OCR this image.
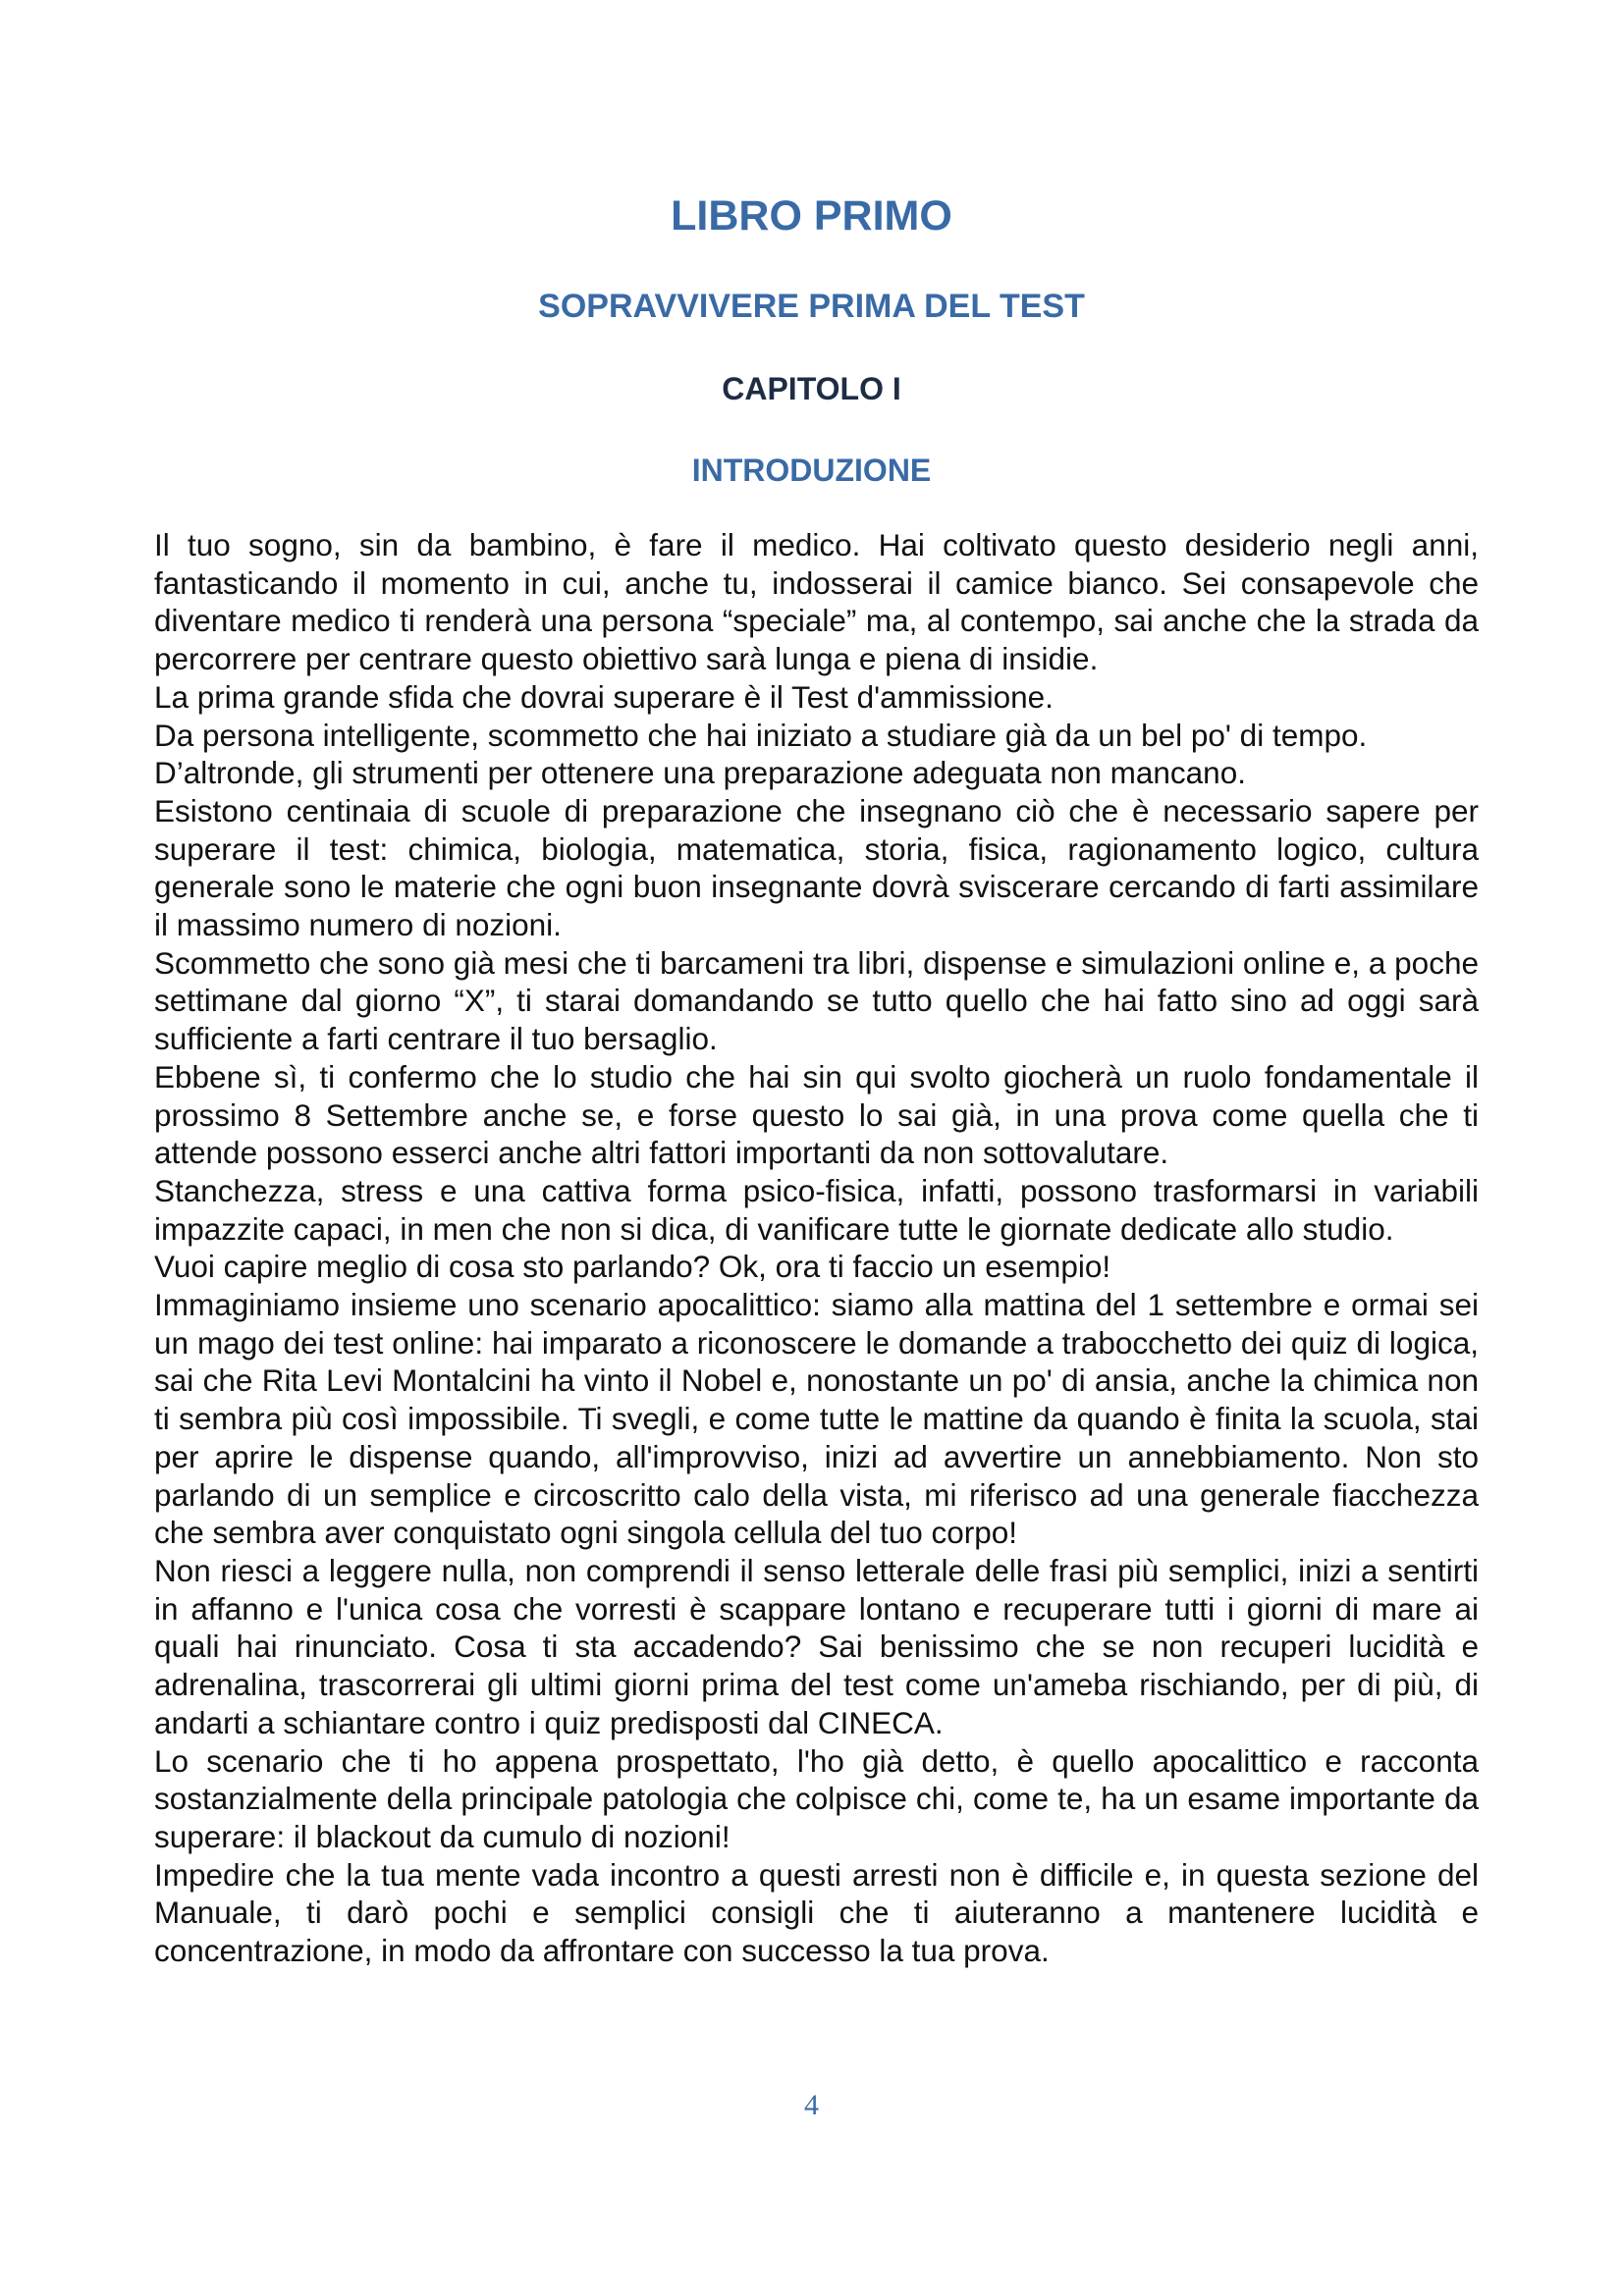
LIBRO PRIMO
SOPRAVVIVERE PRIMA DEL TEST
CAPITOLO I
INTRODUZIONE

Il tuo sogno, sin da bambino, è fare il medico. Hai coltivato questo desiderio negli anni, fantasticando il momento in cui, anche tu, indosserai il camice bianco. Sei consapevole che diventare medico ti renderà una persona “speciale” ma, al contempo, sai anche che la strada da percorrere per centrare questo obiettivo sarà lunga e piena di insidie.

La prima grande sfida che dovrai superare è il Test d'ammissione.

Da persona intelligente, scommetto che hai iniziato a studiare già da un bel po' di tempo.

D’altronde, gli strumenti per ottenere una preparazione adeguata non mancano.

Esistono centinaia di scuole di preparazione che insegnano ciò che è necessario sapere per superare il test: chimica, biologia, matematica, storia, fisica, ragionamento logico, cultura generale sono le materie che ogni buon insegnante dovrà sviscerare cercando di farti assimilare il massimo numero di nozioni.

Scommetto che sono già mesi che ti barcameni tra libri, dispense e simulazioni online e, a poche settimane dal giorno “X”, ti starai domandando se tutto quello che hai fatto sino ad oggi sarà sufficiente a farti centrare il tuo bersaglio.

Ebbene sì, ti confermo che lo studio che hai sin qui svolto giocherà un ruolo fondamentale il prossimo 8 Settembre anche se, e forse questo lo sai già, in una prova come quella che ti attende possono esserci anche altri fattori importanti da non sottovalutare.

Stanchezza, stress e una cattiva forma psico-fisica, infatti, possono trasformarsi in variabili impazzite capaci, in men che non si dica, di vanificare tutte le giornate dedicate allo studio.

Vuoi capire meglio di cosa sto parlando? Ok, ora ti faccio un esempio!

Immaginiamo insieme uno scenario apocalittico: siamo alla mattina del 1 settembre e ormai sei un mago dei test online: hai imparato a riconoscere le domande a trabocchetto dei quiz di logica, sai che Rita Levi Montalcini ha vinto il Nobel e, nonostante un po' di ansia, anche la chimica non ti sembra più così impossibile. Ti svegli, e come tutte le mattine da quando è finita la scuola, stai per aprire le dispense quando, all'improvviso, inizi ad avvertire un annebbiamento. Non sto parlando di un semplice e circoscritto calo della vista, mi riferisco ad una generale fiacchezza che sembra aver conquistato ogni singola cellula del tuo corpo!

Non riesci a leggere nulla, non comprendi il senso letterale delle frasi più semplici, inizi a sentirti in affanno e l'unica cosa che vorresti è scappare lontano e recuperare tutti i giorni di mare ai quali hai rinunciato. Cosa ti sta accadendo? Sai benissimo che se non recuperi lucidità e adrenalina, trascorrerai gli ultimi giorni prima del test come un'ameba rischiando, per di più, di andarti a schiantare contro i quiz predisposti dal CINECA.

Lo scenario che ti ho appena prospettato, l'ho già detto, è quello apocalittico e racconta sostanzialmente della principale patologia che colpisce chi, come te, ha un esame importante da superare: il blackout da cumulo di nozioni!

Impedire che la tua mente vada incontro a questi arresti non è difficile e, in questa sezione del Manuale, ti darò pochi e semplici consigli che ti aiuteranno a mantenere lucidità e concentrazione, in modo da affrontare con successo la tua prova.

4
